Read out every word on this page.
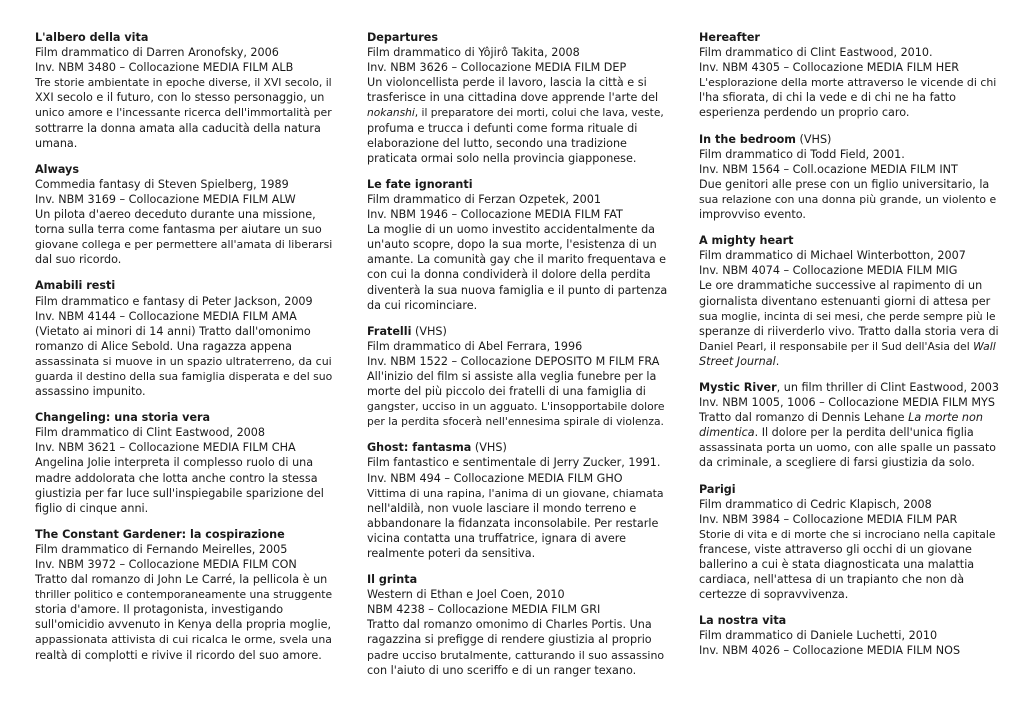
L'albero della vita
Film drammatico di Darren Aronofsky, 2006
Inv. NBM 3480 – Collocazione MEDIA FILM ALB
Tre storie ambientate in epoche diverse, il XVI secolo, il
XXI secolo e il futuro, con lo stesso personaggio, un
unico amore e l'incessante ricerca dell'immortalità per
sottrarre la donna amata alla caducità della natura
umana.
Always
Commedia fantasy di Steven Spielberg, 1989
Inv. NBM 3169 – Collocazione MEDIA FILM ALW
Un pilota d'aereo deceduto durante una missione,
torna sulla terra come fantasma per aiutare un suo
giovane collega e per permettere all'amata di liberarsi
dal suo ricordo.
Amabili resti
Film drammatico e fantasy di Peter Jackson, 2009
Inv. NBM 4144 – Collocazione MEDIA FILM AMA
(Vietato ai minori di 14 anni) Tratto dall'omonimo
romanzo di Alice Sebold. Una ragazza appena
assassinata si muove in un spazio ultraterreno, da cui
guarda il destino della sua famiglia disperata e del suo
assassino impunito.
Changeling: una storia vera
Film drammatico di Clint Eastwood, 2008
Inv. NBM 3621 – Collocazione MEDIA FILM CHA
Angelina Jolie interpreta il complesso ruolo di una
madre addolorata che lotta anche contro la stessa
giustizia per far luce sull'inspiegabile sparizione del
figlio di cinque anni.
The Constant Gardener: la cospirazione
Film drammatico di Fernando Meirelles, 2005
Inv. NBM 3972 – Collocazione MEDIA FILM CON
Tratto dal romanzo di John Le Carré, la pellicola è un
thriller politico e contemporaneamente una struggente
storia d'amore. Il protagonista, investigando
sull'omicidio avvenuto in Kenya della propria moglie,
appassionata attivista di cui ricalca le orme, svela una
realtà di complotti e rivive il ricordo del suo amore.
Departures
Film drammatico di Yôjirô Takita, 2008
Inv. NBM 3626 – Collocazione MEDIA FILM DEP
Un violoncellista perde il lavoro, lascia la città e si
trasferisce in una cittadina dove apprende l'arte del
nokanshi, il preparatore dei morti, colui che lava, veste,
profuma e trucca i defunti come forma rituale di
elaborazione del lutto, secondo una tradizione
praticata ormai solo nella provincia giapponese.
Le fate ignoranti
Film drammatico di Ferzan Ozpetek, 2001
Inv. NBM 1946 – Collocazione MEDIA FILM FAT
La moglie di un uomo investito accidentalmente da
un'auto scopre, dopo la sua morte, l'esistenza di un
amante. La comunità gay che il marito frequentava e
con cui la donna condividerà il dolore della perdita
diventerà la sua nuova famiglia e il punto di partenza
da cui ricominciare.
Fratelli (VHS)
Film drammatico di Abel Ferrara, 1996
Inv. NBM 1522 – Collocazione DEPOSITO M FILM FRA
All'inizio del film si assiste alla veglia funebre per la
morte del più piccolo dei fratelli di una famiglia di
gangster, ucciso in un agguato. L'insopportabile dolore
per la perdita sfocerà nell'ennesima spirale di violenza.
Ghost: fantasma (VHS)
Film fantastico e sentimentale di Jerry Zucker, 1991.
Inv. NBM 494 – Collocazione MEDIA FILM GHO
Vittima di una rapina, l'anima di un giovane, chiamata
nell'aldilà, non vuole lasciare il mondo terreno e
abbandonare la fidanzata inconsolabile. Per restarle
vicina contatta una truffatrice, ignara di avere
realmente poteri da sensitiva.
Il grinta
Western di Ethan e Joel Coen, 2010
NBM 4238 – Collocazione MEDIA FILM GRI
Tratto dal romanzo omonimo di Charles Portis. Una
ragazzina si prefigge di rendere giustizia al proprio
padre ucciso brutalmente, catturando il suo assassino
con l'aiuto di uno sceriffo e di un ranger texano.
Hereafter
Film drammatico di Clint Eastwood, 2010.
Inv. NBM 4305 – Collocazione MEDIA FILM HER
L'esplorazione della morte attraverso le vicende di chi
l'ha sfiorata, di chi la vede e di chi ne ha fatto
esperienza perdendo un proprio caro.
In the bedroom (VHS)
Film drammatico di Todd Field, 2001.
Inv. NBM 1564 – Coll.ocazione MEDIA FILM INT
Due genitori alle prese con un figlio universitario, la
sua relazione con una donna più grande, un violento e
improvviso evento.
A mighty heart
Film drammatico di Michael Winterbotton, 2007
Inv. NBM 4074 – Collocazione MEDIA FILM MIG
Le ore drammatiche successive al rapimento di un
giornalista diventano estenuanti giorni di attesa per
sua moglie, incinta di sei mesi, che perde sempre più le
speranze di riiverderlo vivo. Tratto dalla storia vera di
Daniel Pearl, il responsabile per il Sud dell'Asia del Wall
Street Journal.
Mystic River, un film thriller di Clint Eastwood, 2003
Inv. NBM 1005, 1006 – Collocazione MEDIA FILM MYS
Tratto dal romanzo di Dennis Lehane La morte non
dimentica. Il dolore per la perdita dell'unica figlia
assassinata porta un uomo, con alle spalle un passato
da criminale, a scegliere di farsi giustizia da solo.
Parigi
Film drammatico di Cedric Klapisch, 2008
Inv. NBM 3984 – Collocazione MEDIA FILM PAR
Storie di vita e di morte che si incrociano nella capitale
francese, viste attraverso gli occhi di un giovane
ballerino a cui è stata diagnosticata una malattia
cardiaca, nell'attesa di un trapianto che non dà
certezze di sopravvivenza.
La nostra vita
Film drammatico di Daniele Luchetti, 2010
Inv. NBM 4026 – Collocazione MEDIA FILM NOS
